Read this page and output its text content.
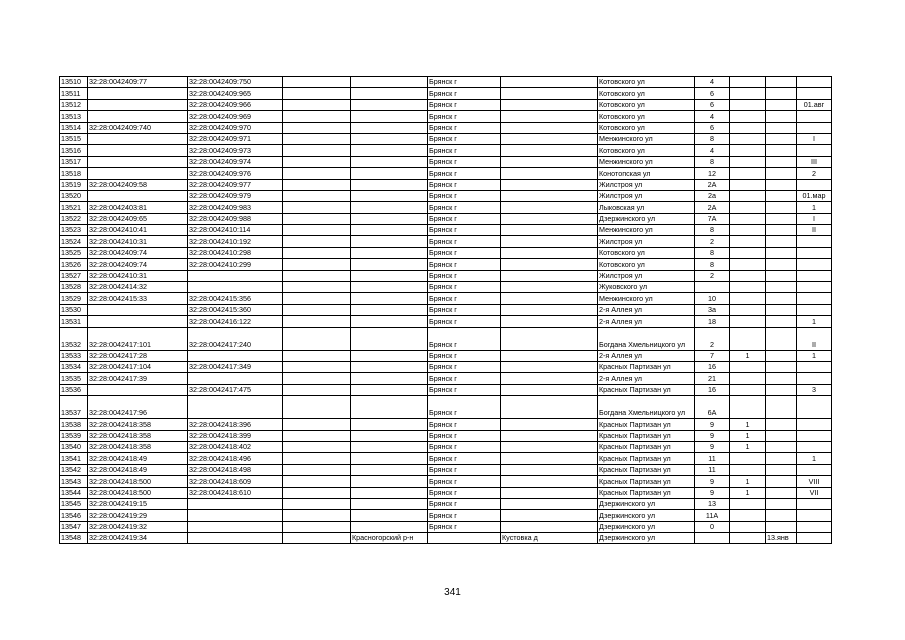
13510	32:28:0042409:77	32:28:0042409:750			Брянск г		Котовского ул	4			
13511		32:28:0042409:965			Брянск г		Котовского ул	6			
13512		32:28:0042409:966			Брянск г		Котовского ул	6			01.авг
13513		32:28:0042409:969			Брянск г		Котовского ул	4			
13514	32:28:0042409:740	32:28:0042409:970			Брянск г		Котовского ул	6			
13515		32:28:0042409:971			Брянск г		Менжинского ул	8			I
13516		32:28:0042409:973			Брянск г		Котовского ул	4			
13517		32:28:0042409:974			Брянск г		Менжинского ул	8			III
13518		32:28:0042409:976			Брянск г		Конотопская ул	12			2
13519	32:28:0042409:58	32:28:0042409:977			Брянск г		Жилстроя ул	2А			
13520		32:28:0042409:979			Брянск г		Жилстроя ул	2а			01.мар
13521	32:28:0042403:81	32:28:0042409:983			Брянск г		Лыковская ул	2А			1
13522	32:28:0042409:65	32:28:0042409:988			Брянск г		Дзержинского ул	7А			I
13523	32:28:0042410:41	32:28:0042410:114			Брянск г		Менжинского ул	8			II
13524	32:28:0042410:31	32:28:0042410:192			Брянск г		Жилстроя ул	2			
13525	32:28:0042409:74	32:28:0042410:298			Брянск г		Котовского ул	8			
13526	32:28:0042409:74	32:28:0042410:299			Брянск г		Котовского ул	8			
13527	32:28:0042410:31				Брянск г		Жилстроя ул	2			
13528	32:28:0042414:32				Брянск г		Жуковского ул				
13529	32:28:0042415:33	32:28:0042415:356			Брянск г		Менжинского ул	10			
13530		32:28:0042415:360			Брянск г		2-я Аллея ул	3а			
13531		32:28:0042416:122			Брянск г		2-я Аллея ул	18			1
13532	32:28:0042417:101	32:28:0042417:240			Брянск г		Богдана Хмельницкого ул	2			II
13533	32:28:0042417:28				Брянск г		2-я Аллея ул	7	1		1
13534	32:28:0042417:104	32:28:0042417:349			Брянск г		Красных Партизан ул	16			
13535	32:28:0042417:39				Брянск г		2-я Аллея ул	21			
13536		32:28:0042417:475			Брянск г		Красных Партизан ул	16			3
13537	32:28:0042417:96				Брянск г		Богдана Хмельницкого ул	6А			
13538	32:28:0042418:358	32:28:0042418:396			Брянск г		Красных Партизан ул	9	1		
13539	32:28:0042418:358	32:28:0042418:399			Брянск г		Красных Партизан ул	9	1		
13540	32:28:0042418:358	32:28:0042418:402			Брянск г		Красных Партизан ул	9	1		
13541	32:28:0042418:49	32:28:0042418:496			Брянск г		Красных Партизан ул	11			1
13542	32:28:0042418:49	32:28:0042418:498			Брянск г		Красных Партизан ул	11			
13543	32:28:0042418:500	32:28:0042418:609			Брянск г		Красных Партизан ул	9	1		VIII
13544	32:28:0042418:500	32:28:0042418:610			Брянск г		Красных Партизан ул	9	1		VII
13545	32:28:0042419:15				Брянск г		Дзержинского ул	13			
13546	32:28:0042419:29				Брянск г		Дзержинского ул	11А			
13547	32:28:0042419:32				Брянск г		Дзержинского ул	0			
13548	32:28:0042419:34			Красногорский р-н		Кустовка д	Дзержинского ул			13.янв	
341
